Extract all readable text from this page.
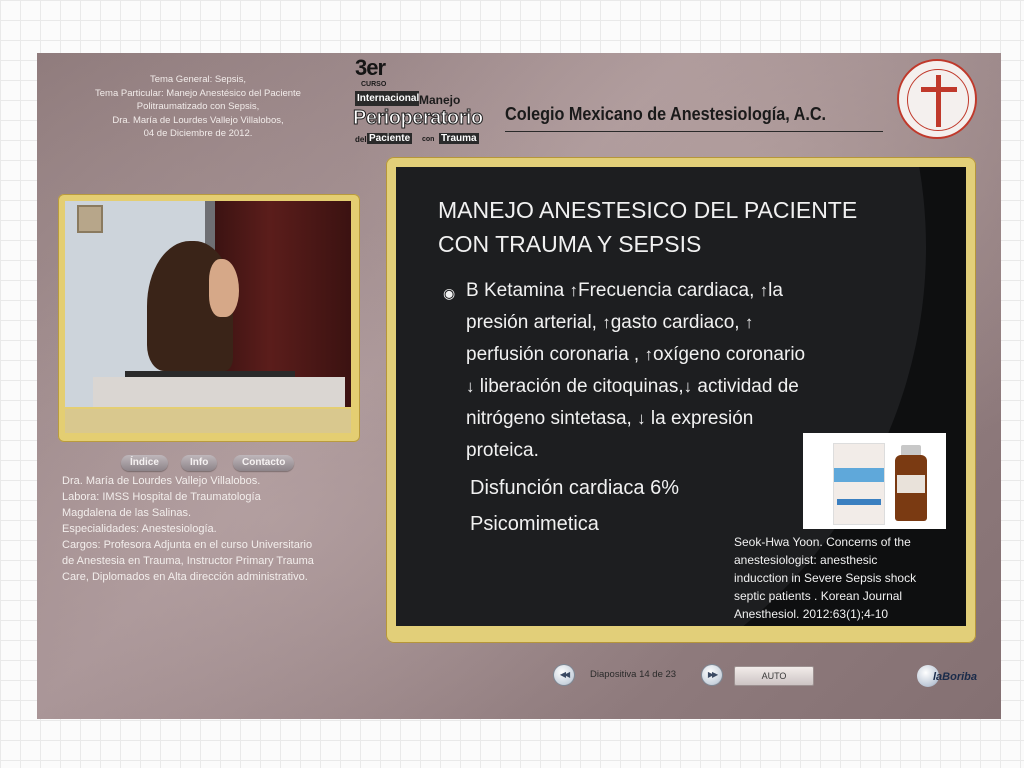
Tema General: Sepsis,
Tema Particular: Manejo Anestésico del Paciente
Politraumatizado con Sepsis,
Dra. María de Lourdes Vallejo Villalobos,
04 de Diciembre de 2012.
3er
CURSO
Internacional Manejo
Perioperatorio
del Paciente con Trauma
Colegio Mexicano de Anestesiología, A.C.
Índice	Info	Contacto
Dra. María de Lourdes Vallejo Villalobos.
Labora: IMSS Hospital de Traumatología
Magdalena de las Salinas.
Especialidades: Anestesiología.
Cargos: Profesora Adjunta en el curso Universitario
de Anestesia en Trauma, Instructor Primary Trauma
Care, Diplomados en Alta dirección administrativo.
MANEJO ANESTESICO DEL PACIENTE
CON TRAUMA Y SEPSIS
◉ B Ketamina ↑Frecuencia cardiaca, ↑la
presión arterial, ↑gasto cardiaco, ↑
perfusión coronaria , ↑oxígeno coronario
↓ liberación de citoquinas,↓ actividad de
nitrógeno sintetasa, ↓ la expresión
proteica.
Disfunción cardiaca 6%
Psicomimetica
Seok-Hwa Yoon. Concerns of the
anestesiologist: anesthesic
inducction in Severe Sepsis shock
septic patients . Korean Journal
Anesthesiol. 2012:63(1);4-10
◀◀	Diapositiva 14 de 23	▶▶	AUTO	laBoriba
